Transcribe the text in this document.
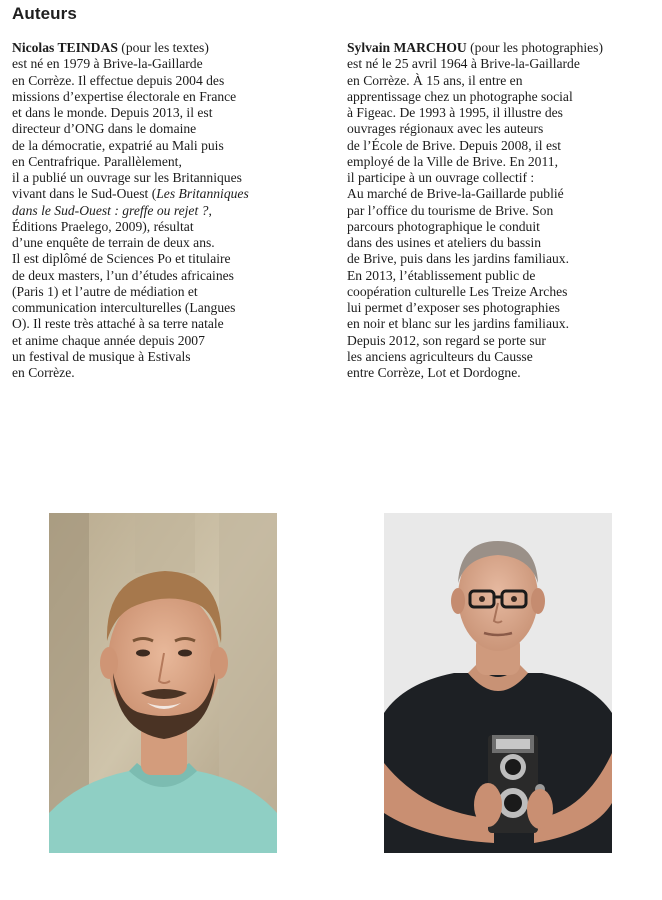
Auteurs
Nicolas TEINDAS (pour les textes)
est né en 1979 à Brive-la-Gaillarde
en Corrèze. Il effectue depuis 2004 des
missions d’expertise électorale en France
et dans le monde. Depuis 2013, il est
directeur d’ONG dans le domaine
de la démocratie, expatrié au Mali puis
en Centrafrique. Parallèlement,
il a publié un ouvrage sur les Britanniques
vivant dans le Sud-Ouest (Les Britanniques
dans le Sud-Ouest : greffe ou rejet ?,
Éditions Praelego, 2009), résultat
d’une enquête de terrain de deux ans.
Il est diplômé de Sciences Po et titulaire
de deux masters, l’un d’études africaines
(Paris 1) et l’autre de médiation et
communication interculturelles (Langues
O). Il reste très attaché à sa terre natale
et anime chaque année depuis 2007
un festival de musique à Estivals
en Corrèze.
Sylvain MARCHOU (pour les photographies)
est né le 25 avril 1964 à Brive-la-Gaillarde
en Corrèze. À 15 ans, il entre en
apprentissage chez un photographe social
à Figeac. De 1993 à 1995, il illustre des
ouvrages régionaux avec les auteurs
de l’École de Brive. Depuis 2008, il est
employé de la Ville de Brive. En 2011,
il participe à un ouvrage collectif :
Au marché de Brive-la-Gaillarde publié
par l’office du tourisme de Brive. Son
parcours photographique le conduit
dans des usines et ateliers du bassin
de Brive, puis dans les jardins familiaux.
En 2013, l’établissement public de
coopération culturelle Les Treize Arches
lui permet d’exposer ses photographies
en noir et blanc sur les jardins familiaux.
Depuis 2012, son regard se porte sur
les anciens agriculteurs du Causse
entre Corrèze, Lot et Dordogne.
